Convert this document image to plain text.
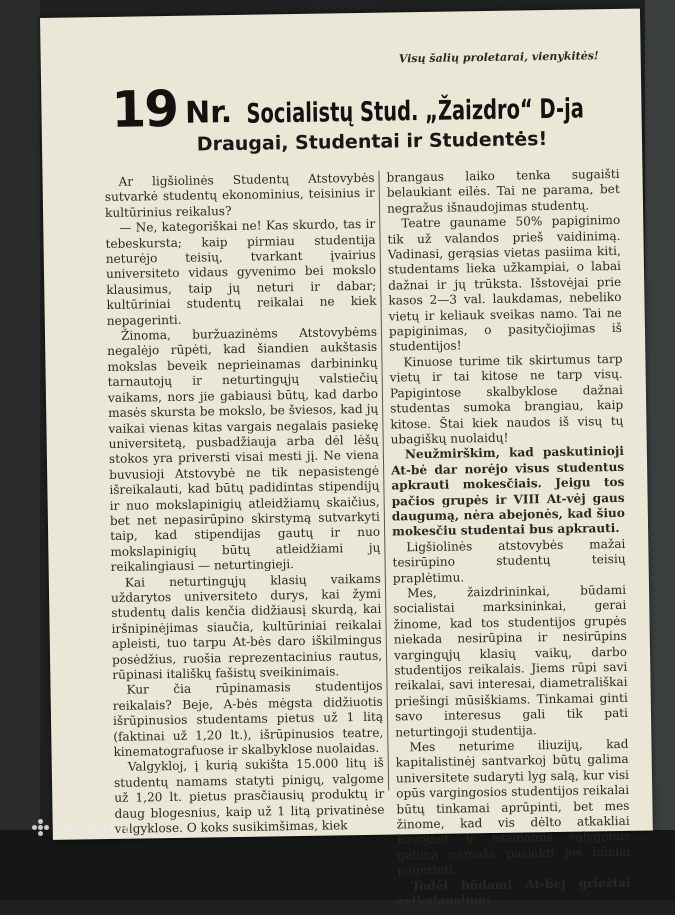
Visų šalių proletarai, vienykitės!
19 Nr. Socialistų Stud. „Žaizdro“ D-ja
Draugai, Studentai ir Studentės!

Ar ligšiolinės Studentų Atstovybės sutvarkė studentų ekonominius, teisinius ir kultūrinius reikalus?

— Ne, kategoriškai ne! Kas skurdo, tas ir tebeskursta; kaip pirmiau studentija neturėjo teisių, tvarkant įvairius universiteto vidaus gyvenimo bei mokslo klausimus, taip jų neturi ir dabar; kultūriniai studentų reikalai ne kiek nepagerinti.

Žinoma, buržuazinėms Atstovybėms negalėjo rūpėti, kad šiandien aukštasis mokslas beveik neprieinamas darbininkų tarnautojų ir neturtingųjų valstiečių vaikams, nors jie gabiausi būtų, kad darbo masės skursta be mokslo, be šviesos, kad jų vaikai vienas kitas vargais negalais pasiekę universitetą, pusbadžiaujа arba dėl lėšų stokos yra priversti visai mesti jį. Ne viena buvusioji Atstovybė ne tik nepasistengė išreikalauti, kad būtų padidintas stipendijų ir nuo mokslapinigių atleidžiamų skaičius, bet net nepasirūpino skirstymą sutvarkyti taip, kad stipendijas gautų ir nuo mokslapinigių būtų atleidžiami jų reikalingiausi — neturtingieji.

Kai neturtingųjų klasių vaikams uždarytos universiteto durys, kai žymi studentų dalis kenčia didžiausį skurdą, kai iršnipinėjimas siaučia, kultūriniai reikalai apleisti, tuo tarpu At-bės daro iškilmingus posėdžius, ruošia reprezentacinius rautus, rūpinasi itališkų fašistų sveikinimais.

Kur čia rūpinamasis studentijos reikalais? Beje, A-bės mėgsta didžiuotis išrūpinusios studentams pietus už 1 litą (faktinai už 1,20 lt.), išrūpinusios teatre, kinematografuose ir skalbyklose nuolaidas.

Valgykloj, į kurią sukišta 15.000 litų iš studentų namams statyti pinigų, valgome už 1,20 lt. pietus prasčiausių produktų ir daug blogesnius, kaip už 1 litą privatinėse valgyklose. O koks susikimšimas, kiek

brangaus laiko tenka sugaišti belaukiant eilės. Tai ne parama, bet negražus išnaudojimas studentų.

Teatre gaunamе 50% papiginimo tik už valandos prieš vaidinimą. Vadinasi, gerąsias vietas pasiima kiti, studentams lieka užkampiai, o labai dažnai ir jų trūksta. Išstovėjai prie kasos 2—3 val. laukdamas, nebeliko vietų ir keliauk sveikas namo. Tai ne papiginimas, o pasityčiojimas iš studentijos!

Kinuose turime tik skirtumus tarp vietų ir tai kitose ne tarp visų. Papigintose skalbyklose dažnai studentas sumoka brangiau, kaip kitose. Štai kiek naudos iš visų tų ubagiškų nuolaidų!

Neužmirškim, kad paskutinioji At-bė dar norėjo visus studentus apkrauti mokesčiais. Jeigu tos pačios grupės ir VIII At-vėj gaus daugumą, nėra abejonės, kad šiuo mokesčiu studentai bus apkrauti.

Ligšiolinės atstovybės mažai tesirūpino studentų teisių praplėtimu.

Mes, žaizdrininkai, būdami socialistai marksininkai, gerai žinome, kad tos studentijos grupės niekada nesirūpina ir nesirūpins vargingųjų klasių vaikų, darbo studentijos reikalais. Jiems rūpi savi reikalai, savi interesai, diametrališkai priešingi mūsiškiams. Tinkamai ginti savo interesus gali tik pati neturtingoji studentija.

Mes neturime iliuzijų, kad kapitalistinėj santvarkoj būtų galima universitete sudaryti lyg salą, kur visi opūs vargingosios studentijos reikalai būtų tinkamai aprūpinti, bet mes žinome, kad vis dėlto atkakliai kovojant ir esamomis sąlygomis galima nemaža pasiekti jos būklei pagerinti.

Todėl būdami At-bėj griežtai reikalausime:

skelbiu.lt
